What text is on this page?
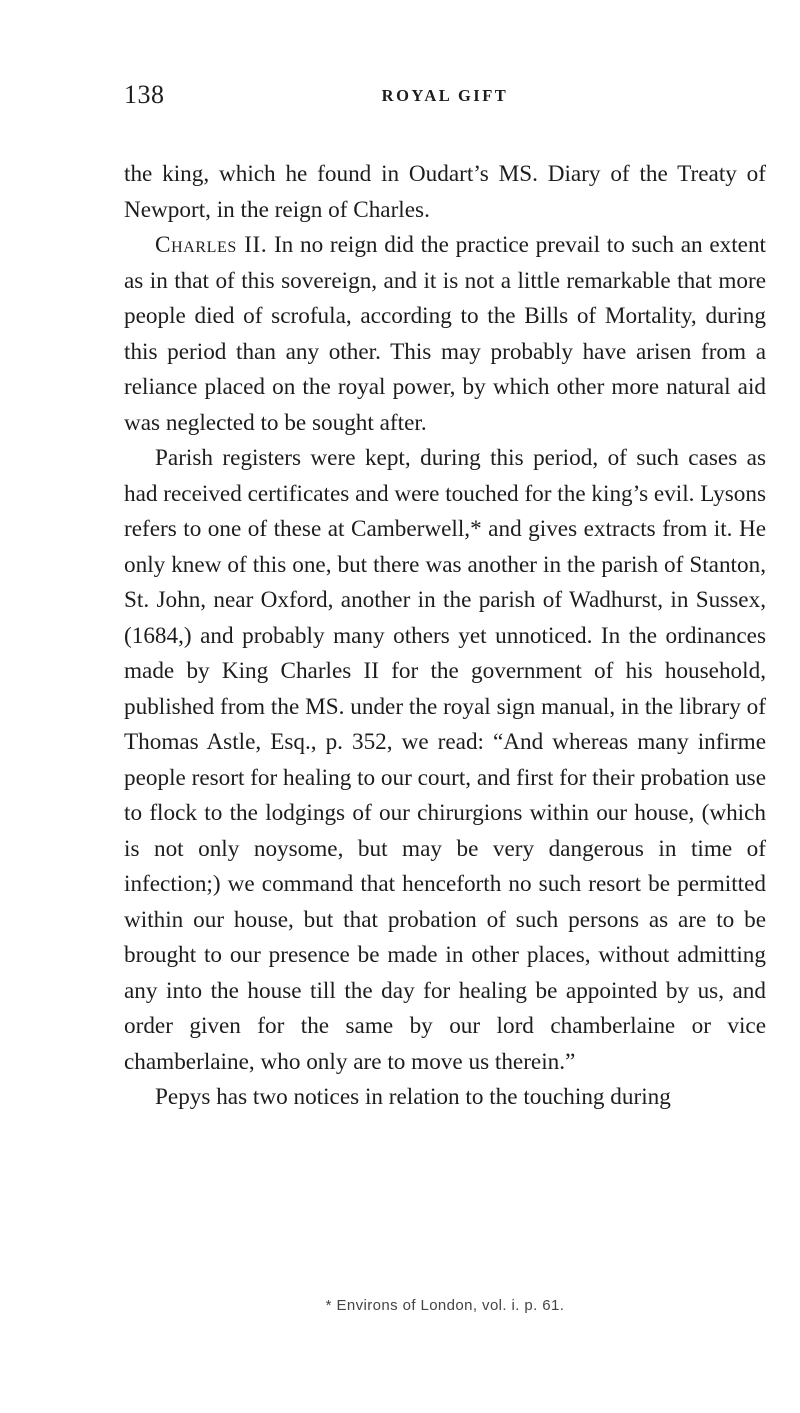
138	ROYAL GIFT

the king, which he found in Oudart’s MS. Diary of the Treaty of Newport, in the reign of Charles.

Charles II. In no reign did the practice prevail to such an extent as in that of this sovereign, and it is not a little remarkable that more people died of scrofula, according to the Bills of Mortality, during this period than any other. This may probably have arisen from a reliance placed on the royal power, by which other more natural aid was neglected to be sought after.

Parish registers were kept, during this period, of such cases as had received certificates and were touched for the king’s evil. Lysons refers to one of these at Camberwell,* and gives extracts from it. He only knew of this one, but there was another in the parish of Stanton, St. John, near Oxford, another in the parish of Wadhurst, in Sussex, (1684,) and probably many others yet unnoticed. In the ordinances made by King Charles II for the government of his household, published from the MS. under the royal sign manual, in the library of Thomas Astle, Esq., p. 352, we read: “And whereas many infirme people resort for healing to our court, and first for their probation use to flock to the lodgings of our chirurgions within our house, (which is not only noysome, but may be very dangerous in time of infection;) we command that henceforth no such resort be permitted within our house, but that probation of such persons as are to be brought to our presence be made in other places, without admitting any into the house till the day for healing be appointed by us, and order given for the same by our lord chamberlaine or vice chamberlaine, who only are to move us therein.”

Pepys has two notices in relation to the touching during

* Environs of London, vol. i. p. 61.
